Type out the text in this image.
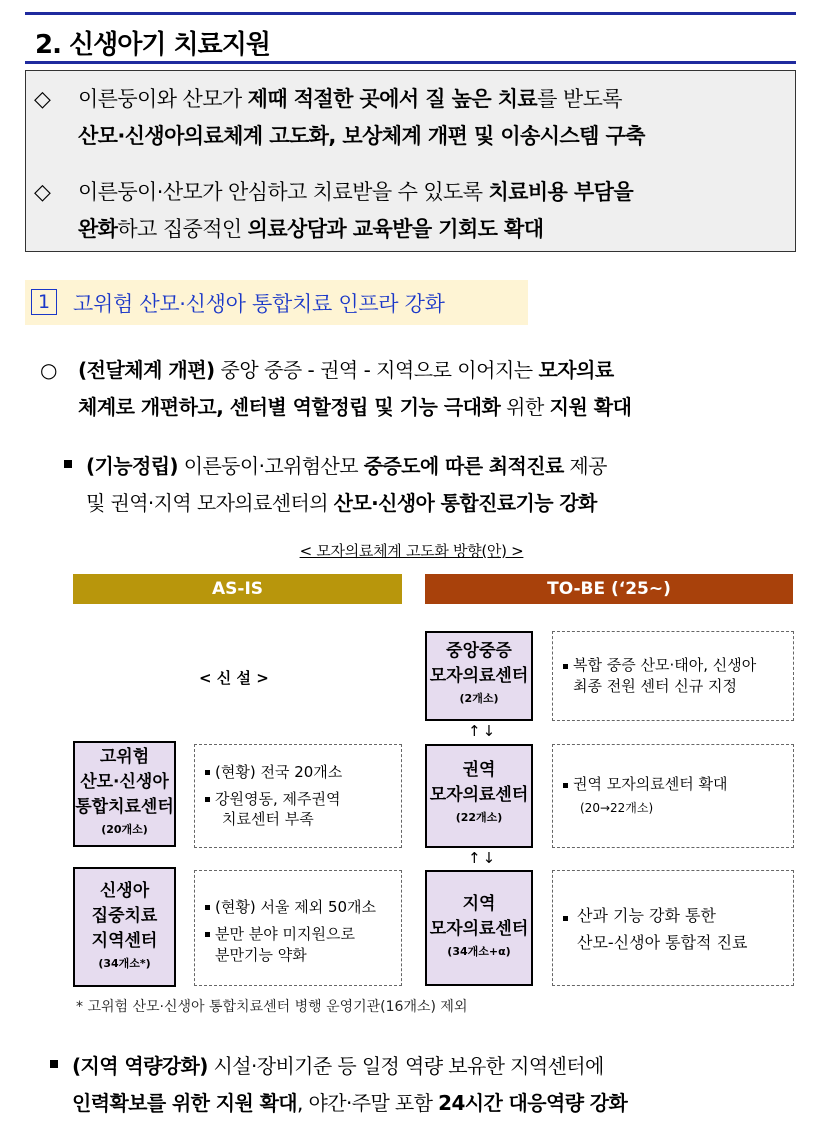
2. 신생아기 치료지원
◇	이른둥이와 산모가 제때 적절한 곳에서 질 높은 치료를 받도록
산모·신생아의료체계 고도화, 보상체계 개편 및 이송시스템 구축
◇	이른둥이·산모가 안심하고 치료받을 수 있도록 치료비용 부담을
완화하고 집중적인 의료상담과 교육받을 기회도 확대
1	고위험 산모·신생아 통합치료 인프라 강화
○	(전달체계 개편) 중앙 중증 - 권역 - 지역으로 이어지는 모자의료
체계로 개편하고, 센터별 역할정립 및 기능 극대화 위한 지원 확대
(기능정립) 이른둥이·고위험산모 중증도에 따른 최적진료 제공
및 권역·지역 모자의료센터의 산모·신생아 통합진료기능 강화
< 모자의료체계 고도화 방향(안) >
AS-IS	TO-BE (‘25~)
< 신 설 >
고위험
산모·신생아
통합치료센터
(20개소)
(현황) 전국 20개소
강원영동, 제주권역
치료센터 부족
신생아
집중치료
지역센터
(34개소*)
(현황) 서울 제외 50개소
분만 분야 미지원으로
분만기능 약화
중앙중증
모자의료센터
(2개소)
복합 중증 산모·태아, 신생아
최종 전원 센터 신규 지정
↑↓
권역
모자의료센터
(22개소)
권역 모자의료센터 확대
(20→22개소)
↑↓
지역
모자의료센터
(34개소+α)
산과 기능 강화 통한
산모-신생아 통합적 진료
* 고위험 산모·신생아 통합치료센터 병행 운영기관(16개소) 제외
(지역 역량강화) 시설·장비기준 등 일정 역량 보유한 지역센터에
인력확보를 위한 지원 확대, 야간·주말 포함 24시간 대응역량 강화
